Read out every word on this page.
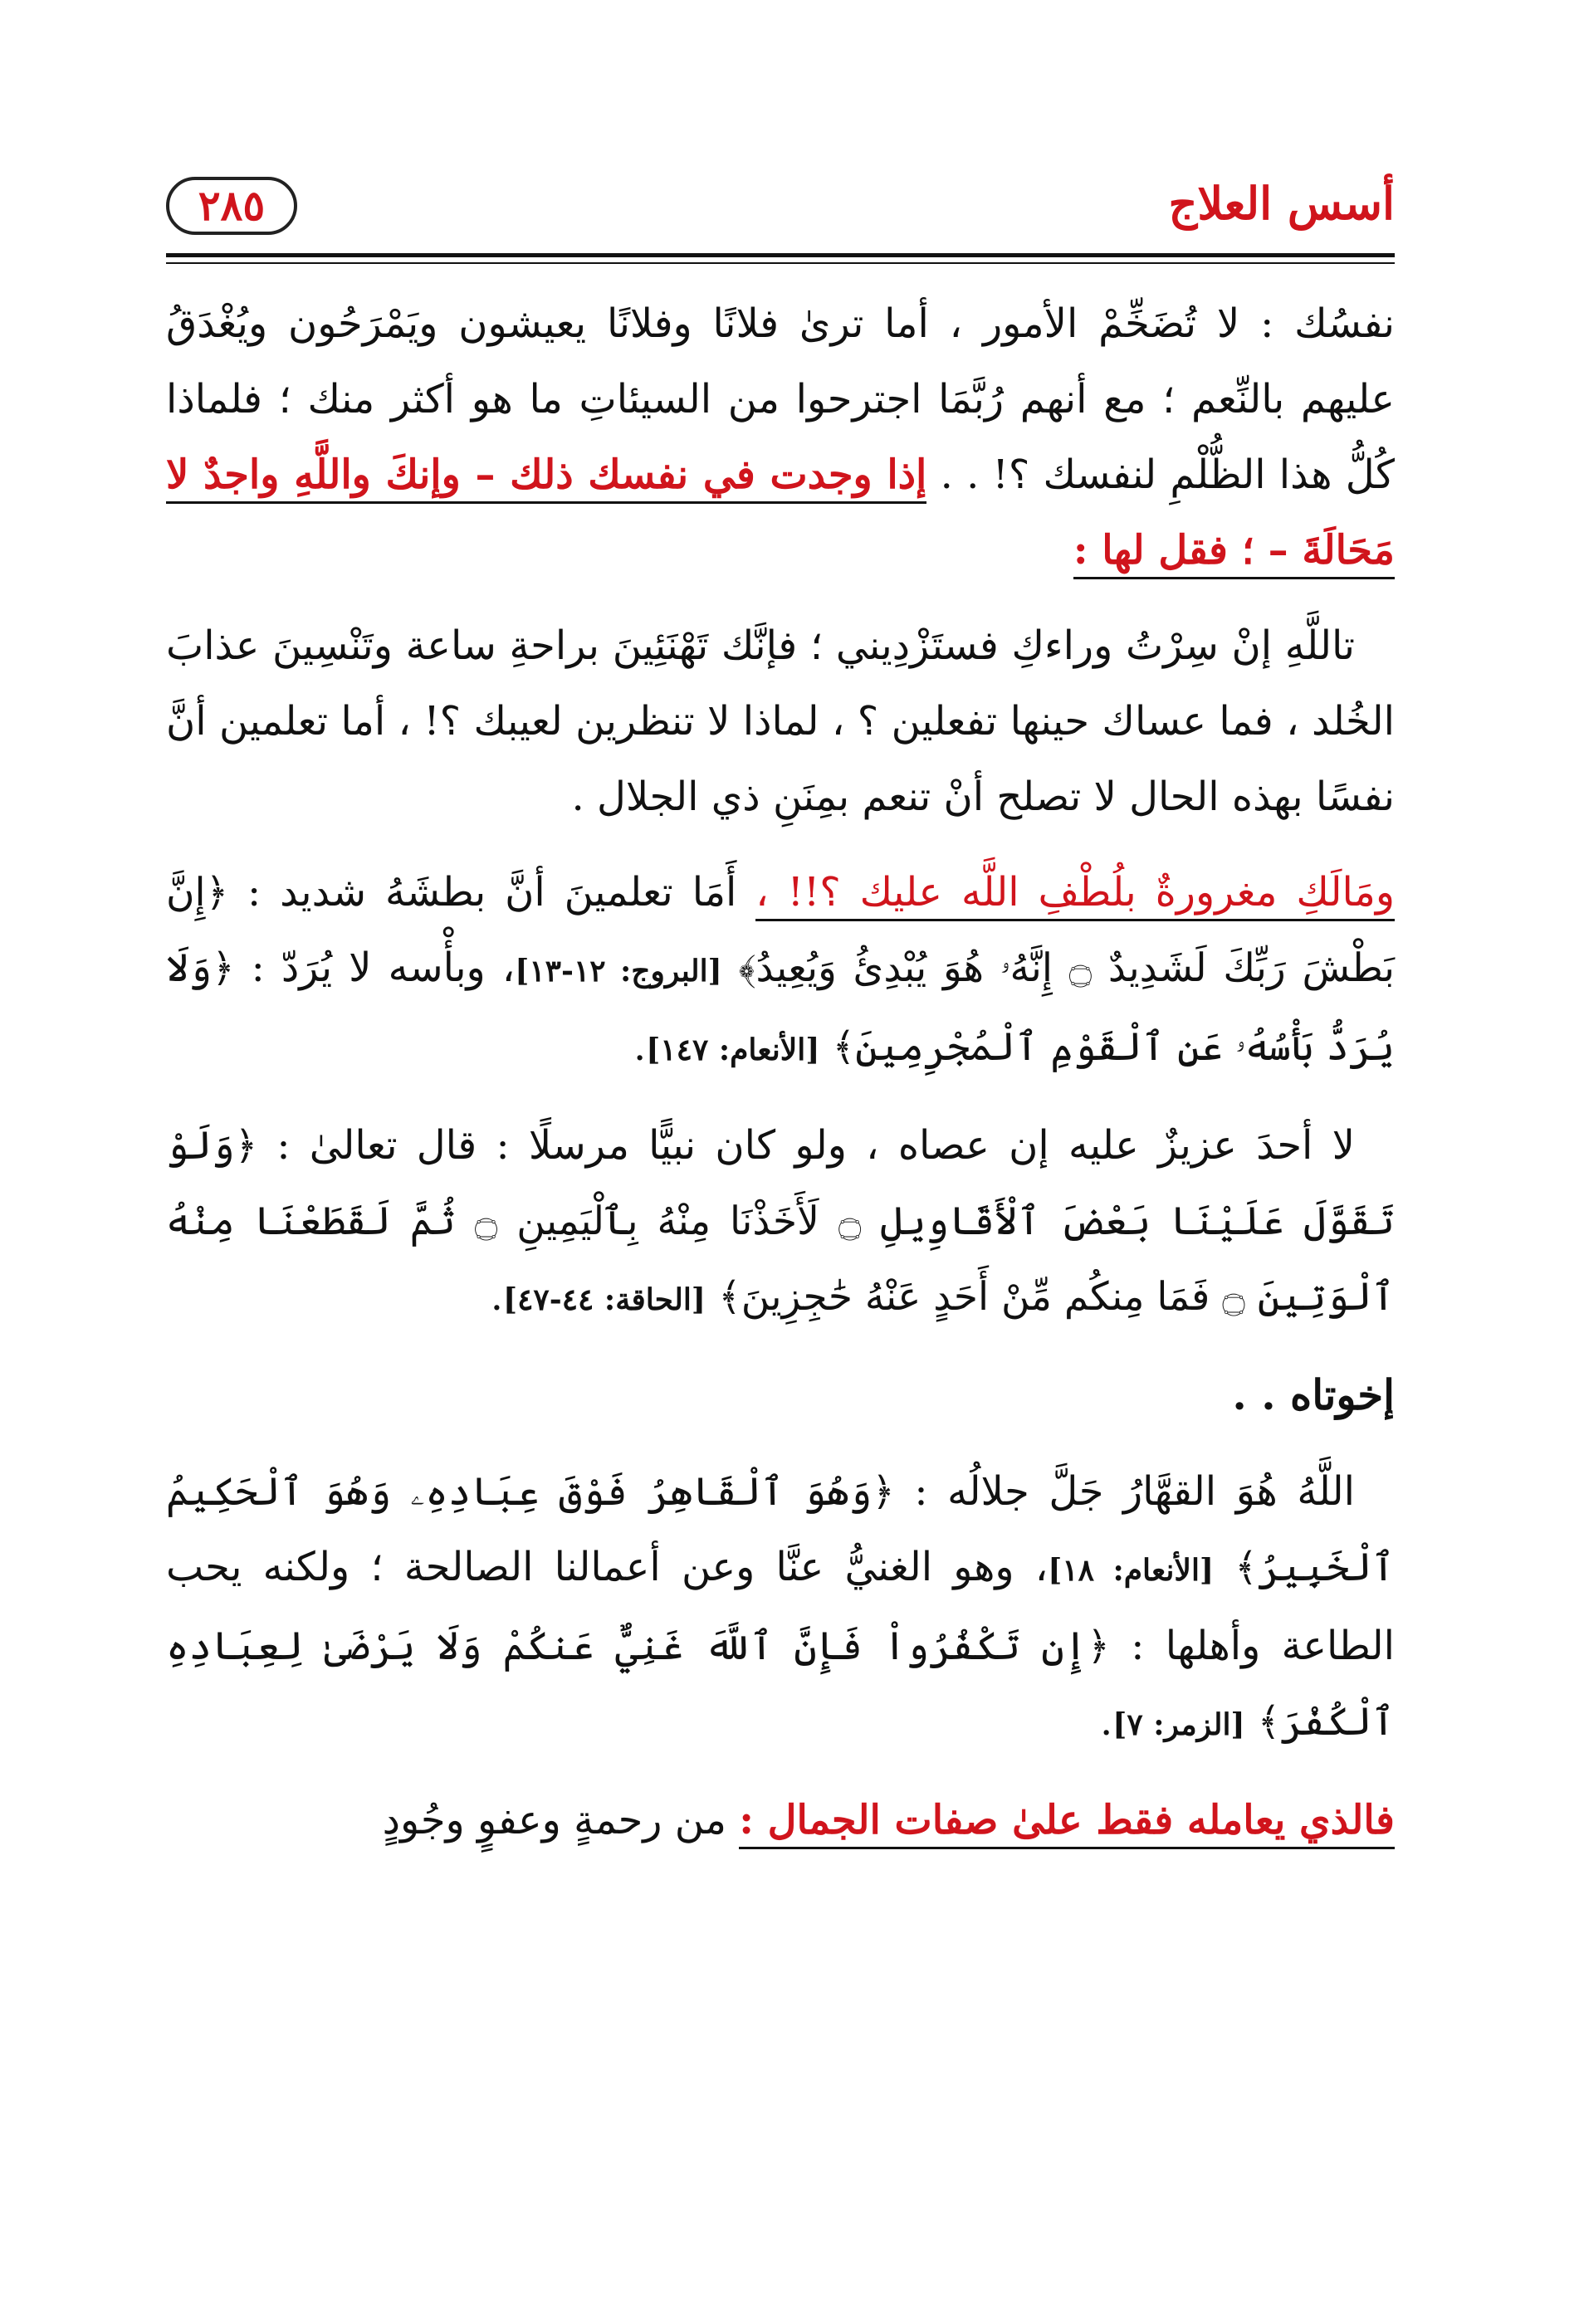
أسس العلاج
٢٨٥

نفسُك : لا تُضَخِّمْ الأمور ، أما ترىٰ فلانًا وفلانًا يعيشون ويَمْرَحُون ويُغْدَقُ عليهم بالنِّعم ؛ مع أنهم رُبَّمَا اجترحوا من السيئاتِ ما هو أكثر منك ؛ فلماذا كُلُّ هذا الظُّلْمِ لنفسك ؟! . . إذا وجدت في نفسك ذلك – وإنكَ واللَّهِ واجدٌ لا مَحَالَةَ – ؛ فقل لها :

تاللَّهِ إنْ سِرْتُ وراءكِ فستَزْدِيني ؛ فإنَّك تَهْنَئِينَ براحةِ ساعة وتَنْسِينَ عذابَ الخُلد ، فما عساك حينها تفعلين ؟ ، لماذا لا تنظرين لعيبك ؟! ، أما تعلمين أنَّ نفسًا بهذه الحال لا تصلح أنْ تنعم بمِنَنِ ذي الجلال .

ومَالَكِ مغرورةٌ بلُطْفِ اللَّه عليك ؟!! ، أَمَا تعلمينَ أنَّ بطشَهُ شديد : ﴿إِنَّ بَطْشَ رَبِّكَ لَشَدِيدٌ ۝ إِنَّهُۥ هُوَ يُبْدِئُ وَيُعِيدُ﴾ [البروج: ١٢-١٣]، وبأْسه لا يُرَدّ : ﴿وَلَا يُرَدُّ بَأْسُهُۥ عَنِ ٱلْقَوْمِ ٱلْمُجْرِمِينَ﴾ [الأنعام: ١٤٧].

لا أحدَ عزيزٌ عليه إن عصاه ، ولو كان نبيًّا مرسلًا : قال تعالىٰ : ﴿وَلَوْ تَقَوَّلَ عَلَيْنَا بَعْضَ ٱلْأَقَاوِيلِ ۝ لَأَخَذْنَا مِنْهُ بِٱلْيَمِينِ ۝ ثُمَّ لَقَطَعْنَا مِنْهُ ٱلْوَتِينَ ۝ فَمَا مِنكُم مِّنْ أَحَدٍ عَنْهُ حَٰجِزِينَ﴾ [الحاقة: ٤٤-٤٧].

إخوتاه . .

اللَّهُ هُوَ القهَّارُ جَلَّ جلالُه : ﴿وَهُوَ ٱلْقَاهِرُ فَوْقَ عِبَادِهِۦ وَهُوَ ٱلْحَكِيمُ ٱلْخَبِيرُ﴾ [الأنعام: ١٨]، وهو الغنيُّ عنَّا وعن أعمالنا الصالحة ؛ ولكنه يحب الطاعة وأهلها : ﴿إِن تَكْفُرُواْ فَإِنَّ ٱللَّهَ غَنِيٌّ عَنكُمْ وَلَا يَرْضَىٰ لِعِبَادِهِ ٱلْكُفْرَ﴾ [الزمر: ٧].

فالذي يعامله فقط علىٰ صفات الجمال : من رحمةٍ وعفوٍ وجُودٍ
